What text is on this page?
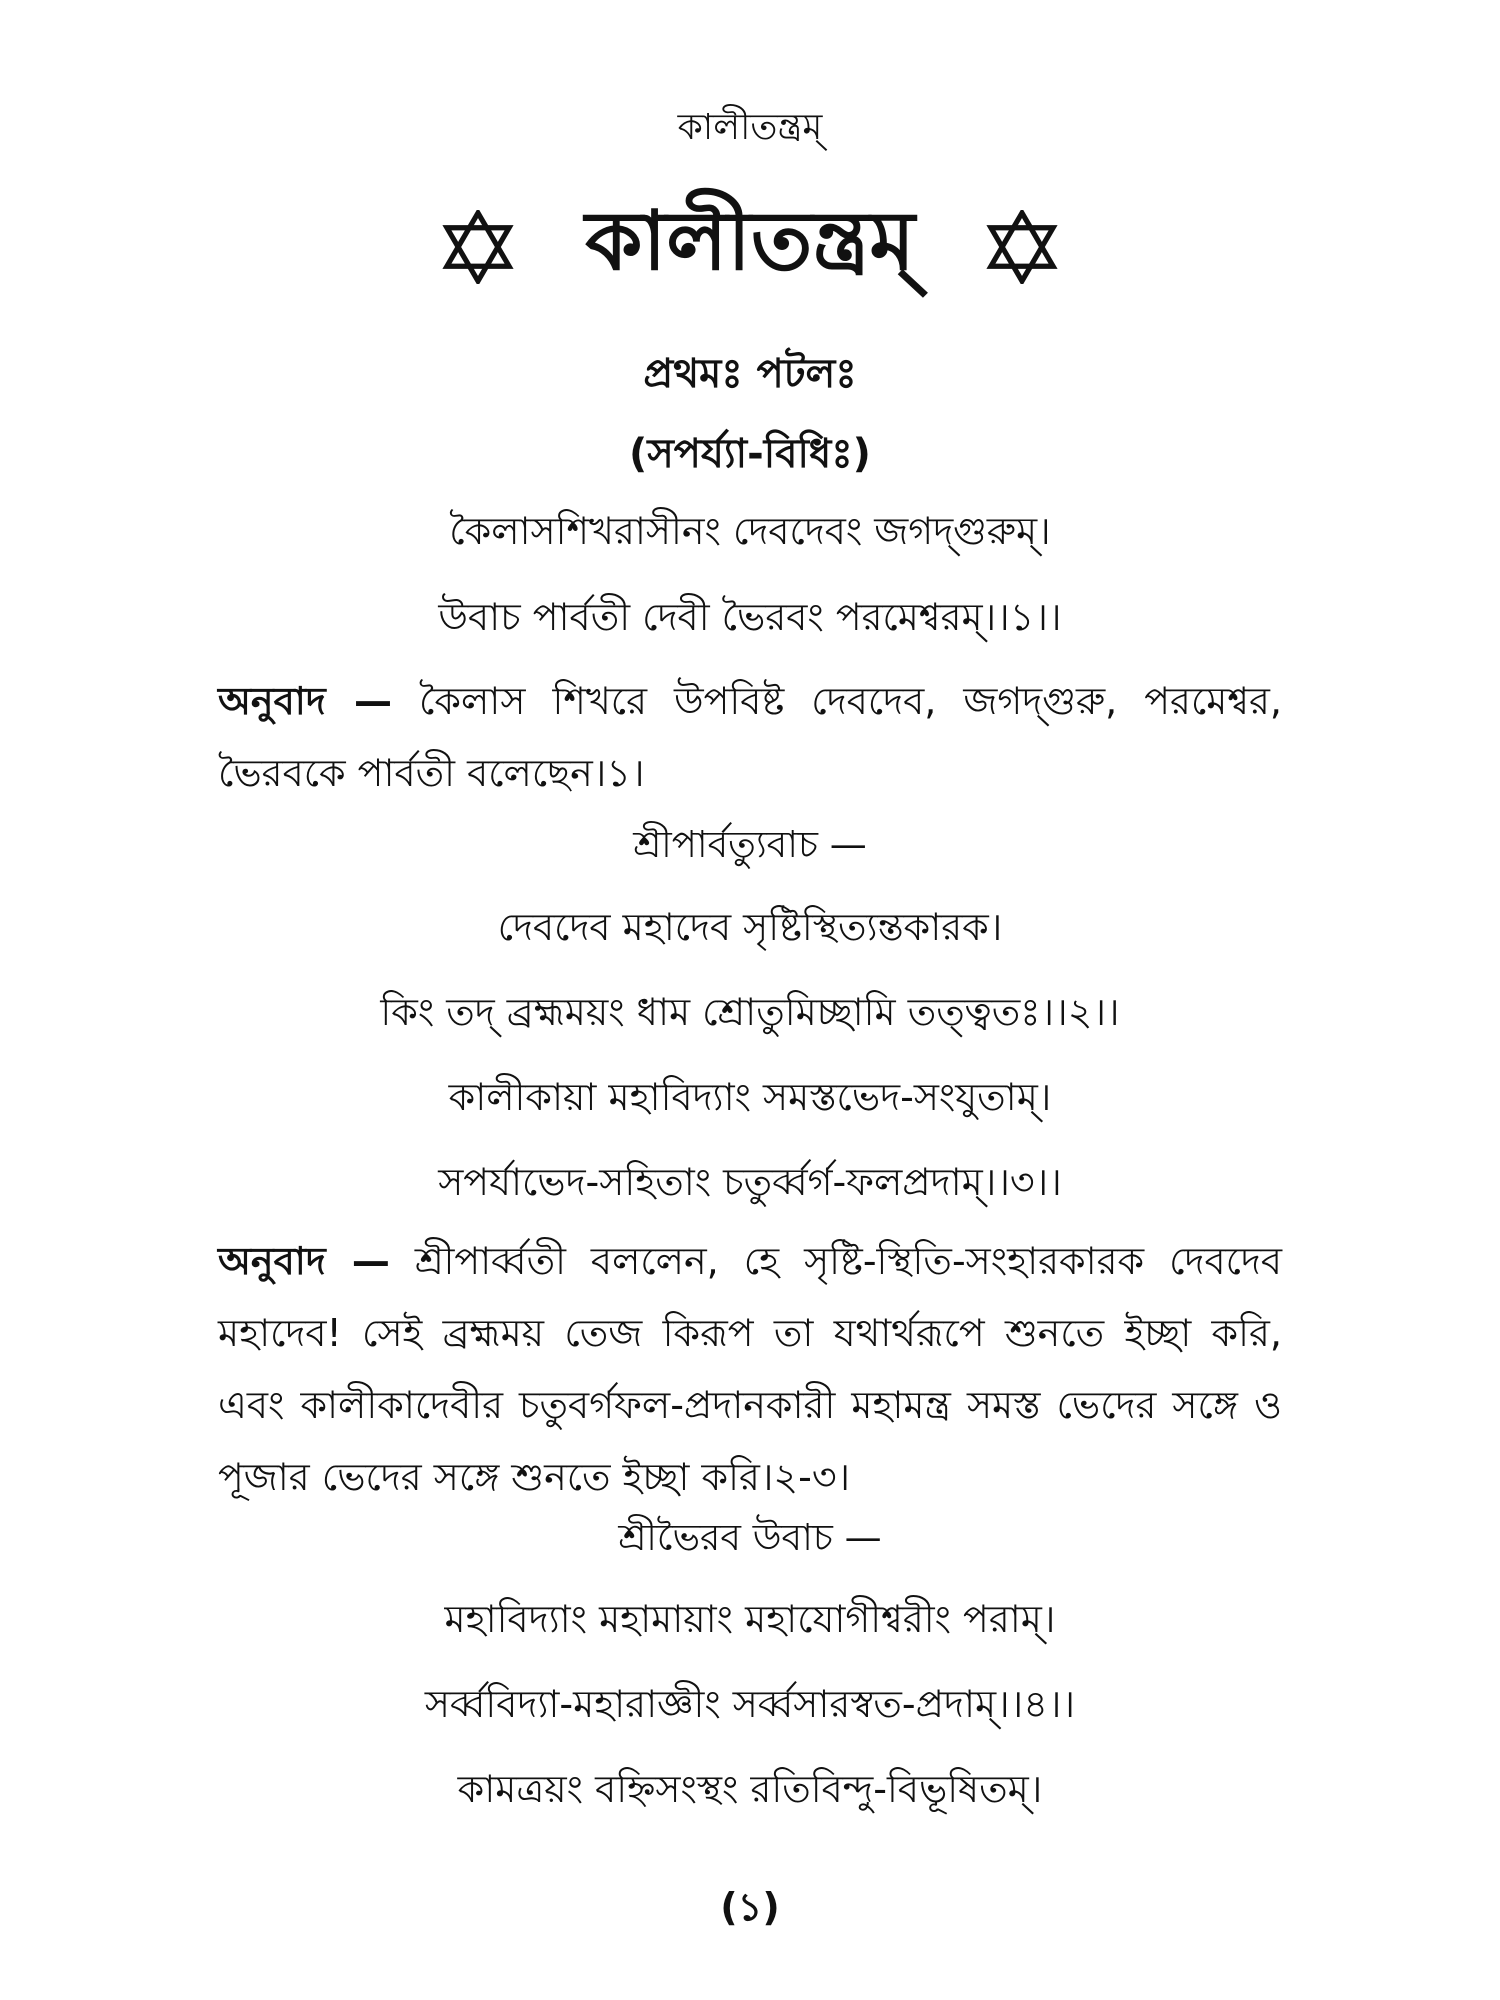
কালীতন্ত্রম্
কালীতন্ত্রম্
প্রথমঃ পটলঃ
(সপর্য্যা-বিধিঃ)
কৈলাসশিখরাসীনং দেবদেবং জগদ্‌গুরুম্।
উবাচ পার্বতী দেবী ভৈরবং পরমেশ্বরম্।।১।।
অনুবাদ — কৈলাস শিখরে উপবিষ্ট দেবদেব, জগদ্‌গুরু, পরমেশ্বর, ভৈরবকে পার্বতী বলেছেন।১।
শ্রীপার্বত্যুবাচ —
দেবদেব মহাদেব সৃষ্টিস্থিত্যন্তকারক।
কিং তদ্ ব্রহ্মময়ং ধাম শ্রোতুমিচ্ছামি তত্ত্বতঃ।।২।।
কালীকায়া মহাবিদ্যাং সমস্তভেদ-সংযুতাম্।
সপর্যাভেদ-সহিতাং চতুর্ব্বর্গ-ফলপ্রদাম্।।৩।।
অনুবাদ — শ্রীপার্ব্বতী বললেন, হে সৃষ্টি-স্থিতি-সংহারকারক দেবদেব মহাদেব! সেই ব্রহ্মময় তেজ কিরূপ তা যথার্থরূপে শুনতে ইচ্ছা করি, এবং কালীকাদেবীর চতুবর্গফল-প্রদানকারী মহামন্ত্র সমস্ত ভেদের সঙ্গে ও পূজার ভেদের সঙ্গে শুনতে ইচ্ছা করি।২-৩।
শ্রীভৈরব উবাচ —
মহাবিদ্যাং মহামায়াং মহাযোগীশ্বরীং পরাম্।
সর্ব্ববিদ্যা-মহারাজ্ঞীং সর্ব্বসারস্বত-প্রদাম্।।৪।।
কামত্রয়ং বহ্নিসংস্থং রতিবিন্দু-বিভূষিতম্।
(১)
